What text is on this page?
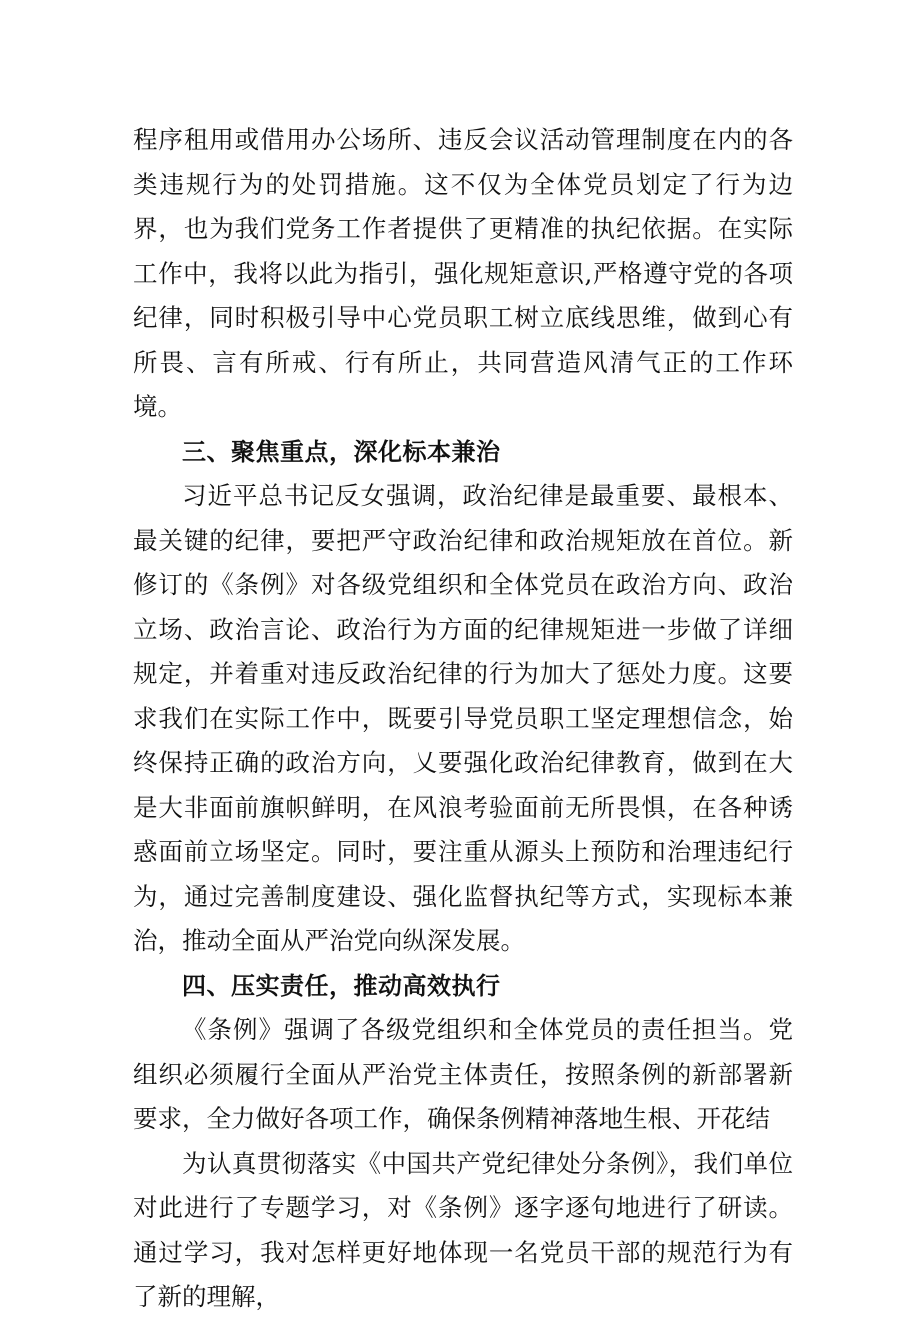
程序租用或借用办公场所、违反会议活动管理制度在内的各类违规行为的处罚措施。这不仅为全体党员划定了行为边界，也为我们党务工作者提供了更精准的执纪依据。在实际工作中，我将以此为指引，强化规矩意识,严格遵守党的各项纪律，同时积极引导中心党员职工树立底线思维，做到心有所畏、言有所戒、行有所止，共同营造风清气正的工作环境。

三、聚焦重点，深化标本兼治

习近平总书记反女强调，政治纪律是最重要、最根本、最关键的纪律，要把严守政治纪律和政治规矩放在首位。新修订的《条例》对各级党组织和全体党员在政治方向、政治立场、政治言论、政治行为方面的纪律规矩进一步做了详细规定，并着重对违反政治纪律的行为加大了惩处力度。这要求我们在实际工作中，既要引导党员职工坚定理想信念，始终保持正确的政治方向，乂要强化政治纪律教育，做到在大是大非面前旗帜鲜明，在风浪考验面前无所畏惧，在各种诱惑面前立场坚定。同时，要注重从源头上预防和治理违纪行为，通过完善制度建设、强化监督执纪等方式，实现标本兼治，推动全面从严治党向纵深发展。

四、压实责任，推动高效执行

《条例》强调了各级党组织和全体党员的责任担当。党组织必须履行全面从严治党主体责任，按照条例的新部署新要求，全力做好各项工作，确保条例精神落地生根、开花结

为认真贯彻落实《中国共产党纪律处分条例》，我们单位对此进行了专题学习，对《条例》逐字逐句地进行了研读。通过学习，我对怎样更好地体现一名党员干部的规范行为有了新的理解，
